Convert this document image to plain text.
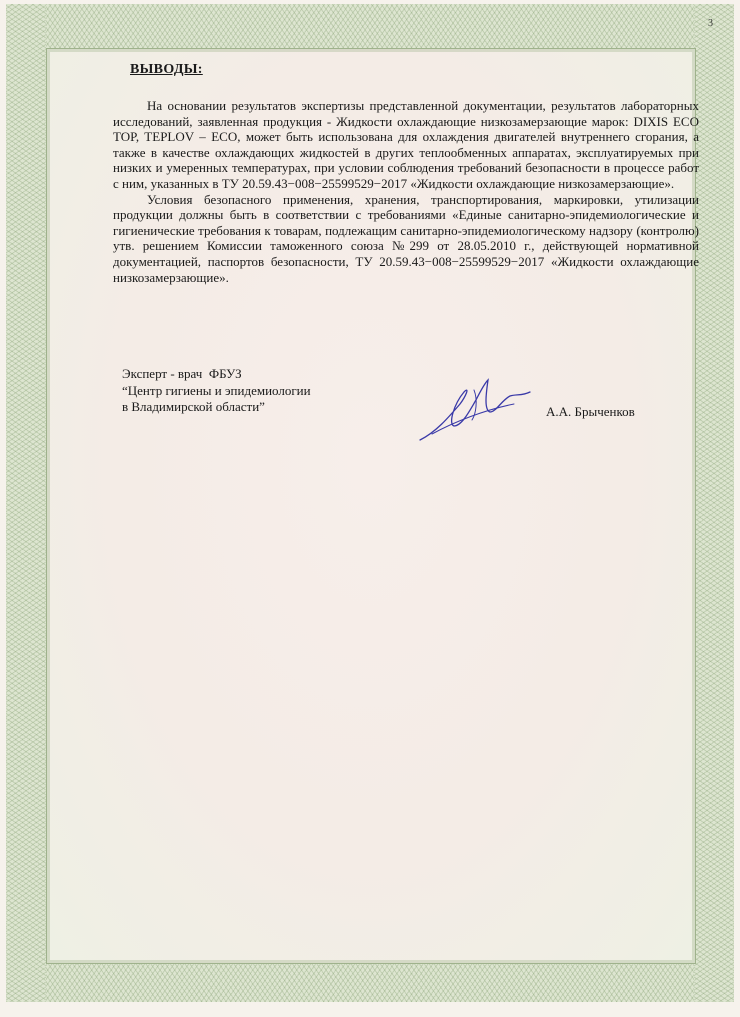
3
ВЫВОДЫ:

На основании результатов экспертизы представленной документации, результатов лабораторных исследований, заявленная продукция - Жидкости охлаждающие низкозамерзающие марок: DIXIS ECO TOP, TEPLOV – ECO, может быть использована для охлаждения двигателей внутреннего сгорания, а также в качестве охлаждающих жидкостей в других теплообменных аппаратах, эксплуатируемых при низких и умеренных температурах, при условии соблюдения требований безопасности в процессе работ с ним, указанных в ТУ 20.59.43−008−25599529−2017 «Жидкости охлаждающие низкозамерзающие».

Условия безопасного применения, хранения, транспортирования, маркировки, утилизации продукции должны быть в соответствии с требованиями «Единые санитарно-эпидемиологические и гигиенические требования к товарам, подлежащим санитарно-эпидемиологическому надзору (контролю) утв. решением Комиссии таможенного союза №299 от 28.05.2010 г., действующей нормативной документацией, паспортов безопасности, ТУ 20.59.43−008−25599529−2017 «Жидкости охлаждающие низкозамерзающие».

Эксперт - врач  ФБУЗ
“Центр гигиены и эпидемиологии
в Владимирской области”	А.А. Брыченков
